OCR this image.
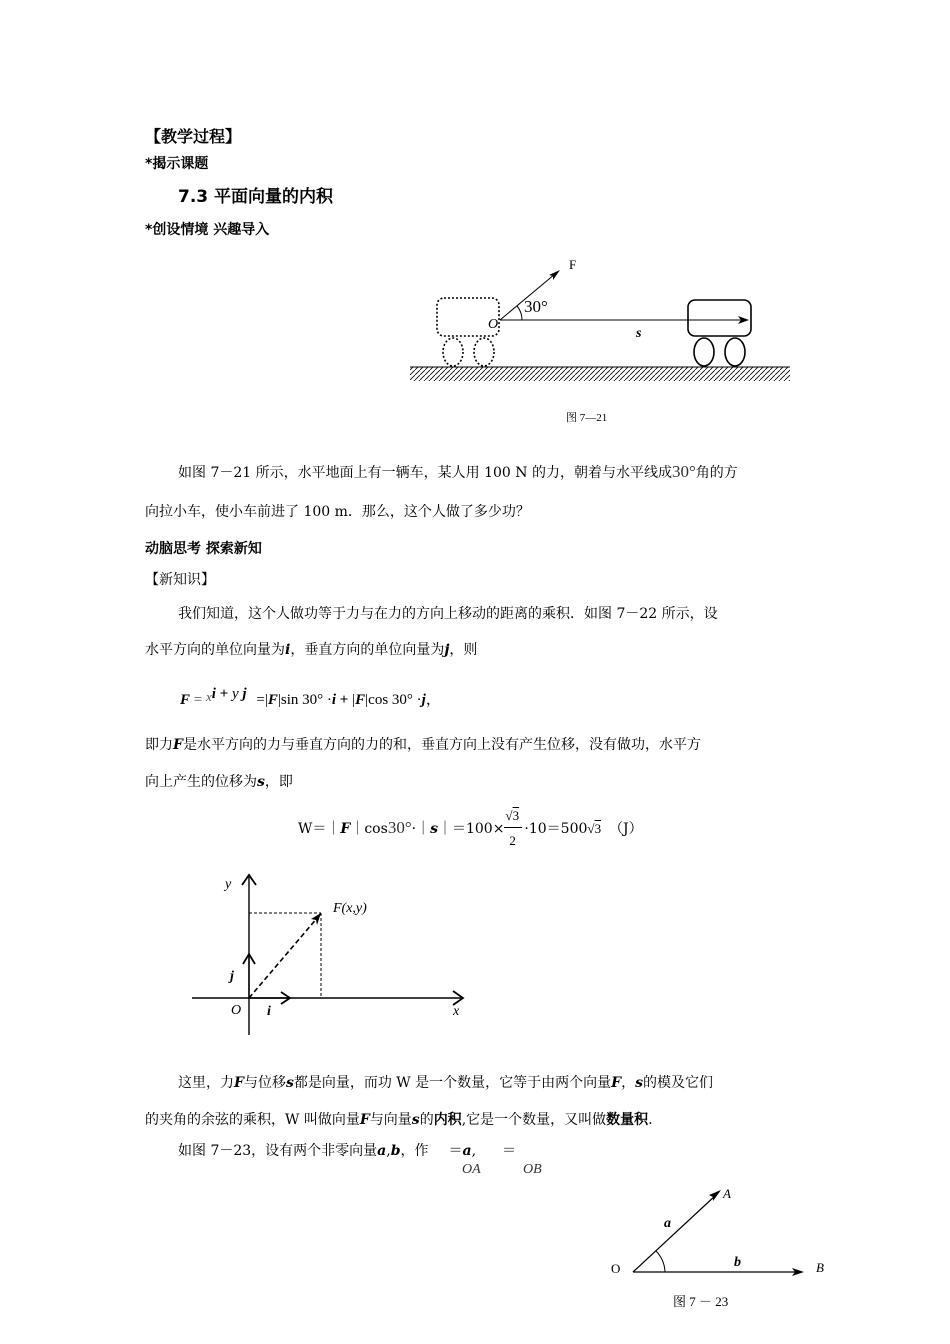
【教学过程】
*揭示课题
7.3 平面向量的内积
*创设情境 兴趣导入
F
30°
O
s
图 7—21
如图 7－21 所示，水平地面上有一辆车，某人用 100 N 的力，朝着与水平线成30°角的方
向拉小车，使小车前进了 100 m．那么，这个人做了多少功？
动脑思考 探索新知
【新知识】
我们知道，这个人做功等于力与在力的方向上移动的距离的乘积．如图 7－22 所示，设
水平方向的单位向量为i，垂直方向的单位向量为j，则
F = xi + y j =|F|sin 30° ·i + |F|cos 30° ·j，
即力F是水平方向的力与垂直方向的力的和，垂直方向上没有产生位移，没有做功，水平方
向上产生的位移为s，即
W＝｜F｜cos30°·｜s｜＝100× $\frac{√3}{2} \cdot 10=500√3$ （J）
y
F(x,y)
j
O i	x
这里，力F与位移s都是向量，而功 W 是一个数量，它等于由两个向量F，s的模及它们
的夹角的余弦的乘积，W 叫做向量F与向量s的内积,它是一个数量，又叫做数量积.
如图 7－23，设有两个非零向量a,b，作 ＝a, ＝
OA	OB
A
a
O	b	B
图 7 － 23
